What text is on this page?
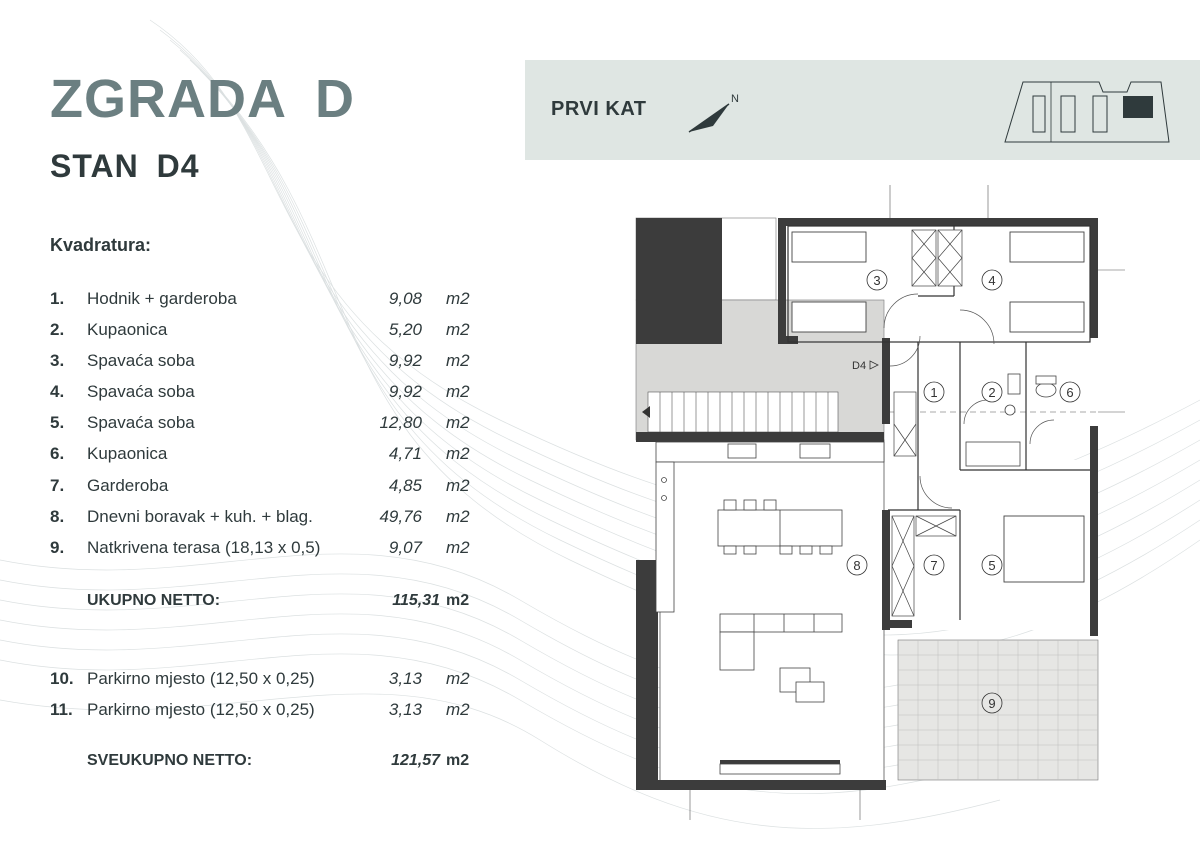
ZGRADA D
STAN D4
Kvadratura:
1. Hodnik + garderoba	9,08 m2
2. Kupaonica	5,20 m2
3. Spavaća soba	9,92 m2
4. Spavaća soba	9,92 m2
5. Spavaća soba	12,80 m2
6. Kupaonica	4,71 m2
7. Garderoba	4,85 m2
8. Dnevni boravak + kuh. + blag.	49,76 m2
9. Natkrivena terasa (18,13 x 0,5)	9,07 m2
UKUPNO NETTO:	115,31 m2
10. Parkirno mjesto (12,50 x 0,25)	3,13 m2
11. Parkirno mjesto (12,50 x 0,25)	3,13 m2
SVEUKUPNO NETTO:	121,57 m2
PRVI KAT	N
D4
1	2
3	4
5
6
7
8
9
